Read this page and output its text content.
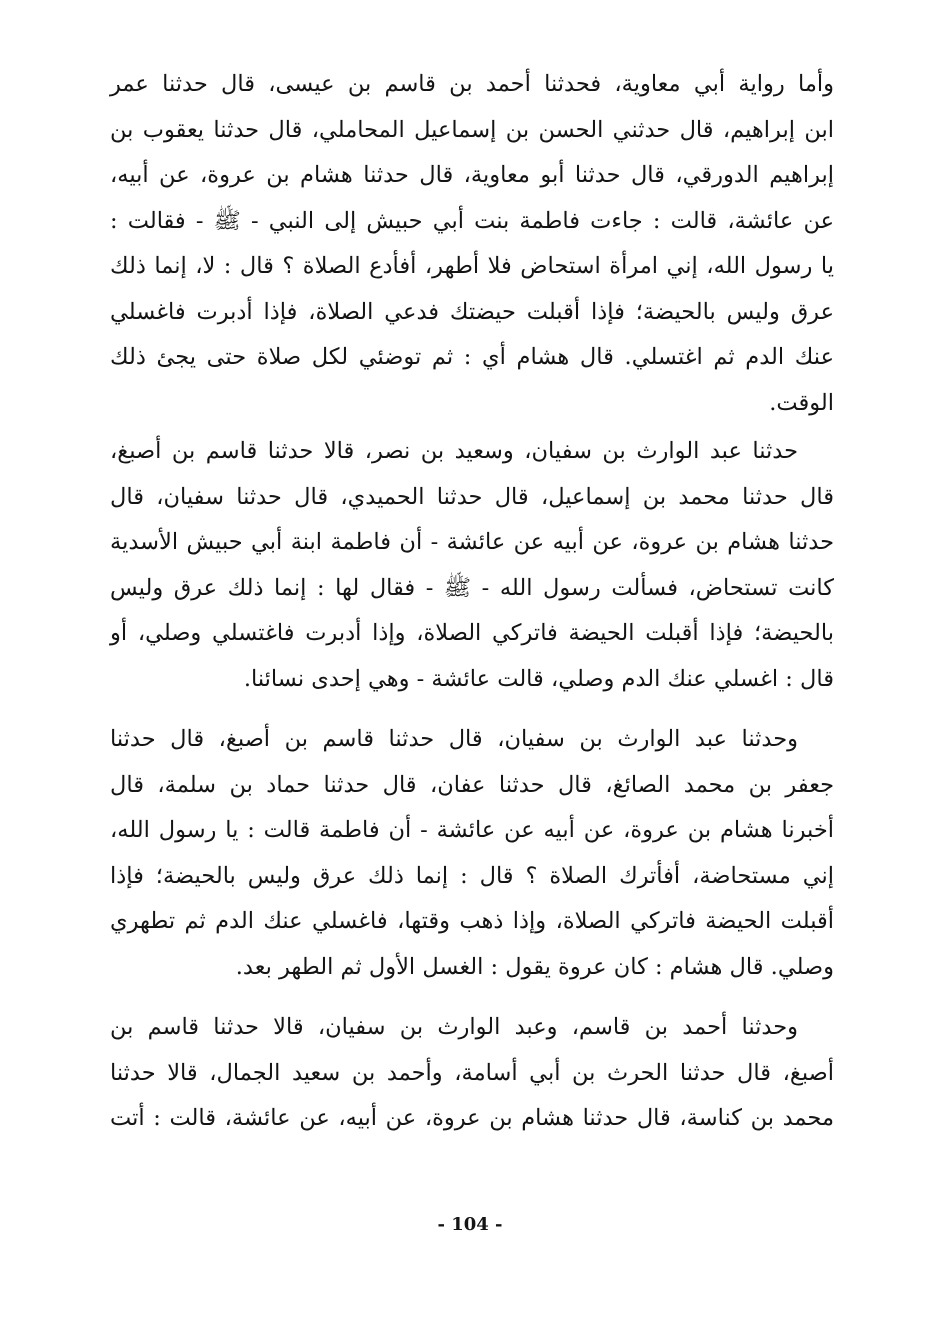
وأما رواية أبي معاوية، فحدثنا أحمد بن قاسم بن عيسى، قال حدثنا عمر
ابن إبراهيم، قال حدثني الحسن بن إسماعيل المحاملي، قال حدثنا يعقوب بن
إبراهيم الدورقي، قال حدثنا أبو معاوية، قال حدثنا هشام بن عروة، عن أبيه،
عن عائشة، قالت : جاءت فاطمة بنت أبي حبيش إلى النبي - ﷺ - فقالت :
يا رسول الله، إني امرأة استحاض فلا أطهر، أفأدع الصلاة ؟ قال : لا، إنما ذلك
عرق وليس بالحيضة؛ فإذا أقبلت حيضتك فدعي الصلاة، فإذا أدبرت فاغسلي
عنك الدم ثم اغتسلي. قال هشام أي : ثم توضئي لكل صلاة حتى يجئ ذلك
الوقت.
حدثنا عبد الوارث بن سفيان، وسعيد بن نصر، قالا حدثنا قاسم بن أصبغ،
قال حدثنا محمد بن إسماعيل، قال حدثنا الحميدي، قال حدثنا سفيان، قال
حدثنا هشام بن عروة، عن أبيه عن عائشة - أن فاطمة ابنة أبي حبيش الأسدية
كانت تستحاض، فسألت رسول الله - ﷺ - فقال لها : إنما ذلك عرق وليس
بالحيضة؛ فإذا أقبلت الحيضة فاتركي الصلاة، وإذا أدبرت فاغتسلي وصلي، أو
قال : اغسلي عنك الدم وصلي، قالت عائشة - وهي إحدى نسائنا.
وحدثنا عبد الوارث بن سفيان، قال حدثنا قاسم بن أصبغ، قال حدثنا
جعفر بن محمد الصائغ، قال حدثنا عفان، قال حدثنا حماد بن سلمة، قال
أخبرنا هشام بن عروة، عن أبيه عن عائشة - أن فاطمة قالت : يا رسول الله،
إني مستحاضة، أفأترك الصلاة ؟ قال : إنما ذلك عرق وليس بالحيضة؛ فإذا
أقبلت الحيضة فاتركي الصلاة، وإذا ذهب وقتها، فاغسلي عنك الدم ثم تطهري
وصلي. قال هشام : كان عروة يقول : الغسل الأول ثم الطهر بعد.
وحدثنا أحمد بن قاسم، وعبد الوارث بن سفيان، قالا حدثنا قاسم بن
أصبغ، قال حدثنا الحرث بن أبي أسامة، وأحمد بن سعيد الجمال، قالا حدثنا
محمد بن كناسة، قال حدثنا هشام بن عروة، عن أبيه، عن عائشة، قالت : أتت
- 104 -
